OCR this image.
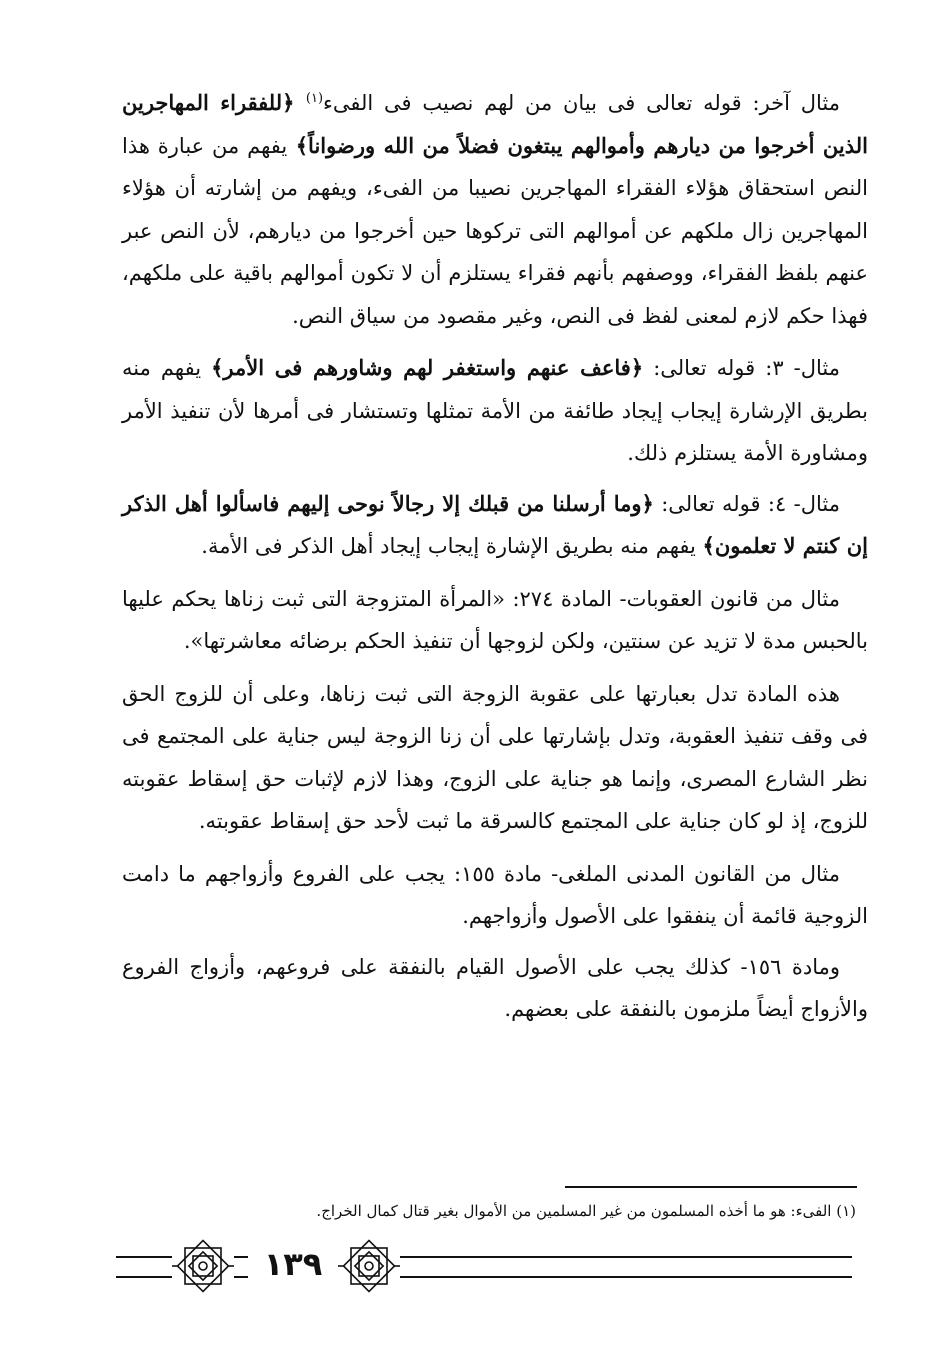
مثال آخر: قوله تعالى فى بيان من لهم نصيب فى الفىء$^{(١)}$ ﴿للفقراء المهاجرين الذين أخرجوا من ديارهم وأموالهم يبتغون فضلاً من الله ورضواناً﴾ يفهم من عبارة هذا النص استحقاق هؤلاء الفقراء المهاجرين نصيبا من الفىء، ويفهم من إشارته أن هؤلاء المهاجرين زال ملكهم عن أموالهم التى تركوها حين أخرجوا من ديارهم، لأن النص عبر عنهم بلفظ الفقراء، ووصفهم بأنهم فقراء يستلزم أن لا تكون أموالهم باقية على ملكهم، فهذا حكم لازم لمعنى لفظ فى النص، وغير مقصود من سياق النص.

مثال- ٣: قوله تعالى: ﴿فاعف عنهم واستغفر لهم وشاورهم فى الأمر﴾ يفهم منه بطريق الإرشارة إيجاب إيجاد طائفة من الأمة تمثلها وتستشار فى أمرها لأن تنفيذ الأمر ومشاورة الأمة يستلزم ذلك.

مثال- ٤: قوله تعالى: ﴿وما أرسلنا من قبلك إلا رجالاً نوحى إليهم فاسألوا أهل الذكر إن كنتم لا تعلمون﴾ يفهم منه بطريق الإشارة إيجاب إيجاد أهل الذكر فى الأمة.

مثال من قانون العقوبات- المادة ٢٧٤: «المرأة المتزوجة التى ثبت زناها يحكم عليها بالحبس مدة لا تزيد عن سنتين، ولكن لزوجها أن تنفيذ الحكم برضائه معاشرتها».

هذه المادة تدل بعبارتها على عقوبة الزوجة التى ثبت زناها، وعلى أن للزوج الحق فى وقف تنفيذ العقوبة، وتدل بإشارتها على أن زنا الزوجة ليس جناية على المجتمع فى نظر الشارع المصرى، وإنما هو جناية على الزوج، وهذا لازم لإثبات حق إسقاط عقوبته للزوج، إذ لو كان جناية على المجتمع كالسرقة ما ثبت لأحد حق إسقاط عقوبته.

مثال من القانون المدنى الملغى- مادة ١٥٥: يجب على الفروع وأزواجهم ما دامت الزوجية قائمة أن ينفقوا على الأصول وأزواجهم.

ومادة ١٥٦- كذلك يجب على الأصول القيام بالنفقة على فروعهم، وأزواج الفروع والأزواج أيضاً ملزمون بالنفقة على بعضهم.

(١) الفىء: هو ما أخذه المسلمون من غير المسلمين من الأموال بغير قتال كمال الخراج.
١٣٩
